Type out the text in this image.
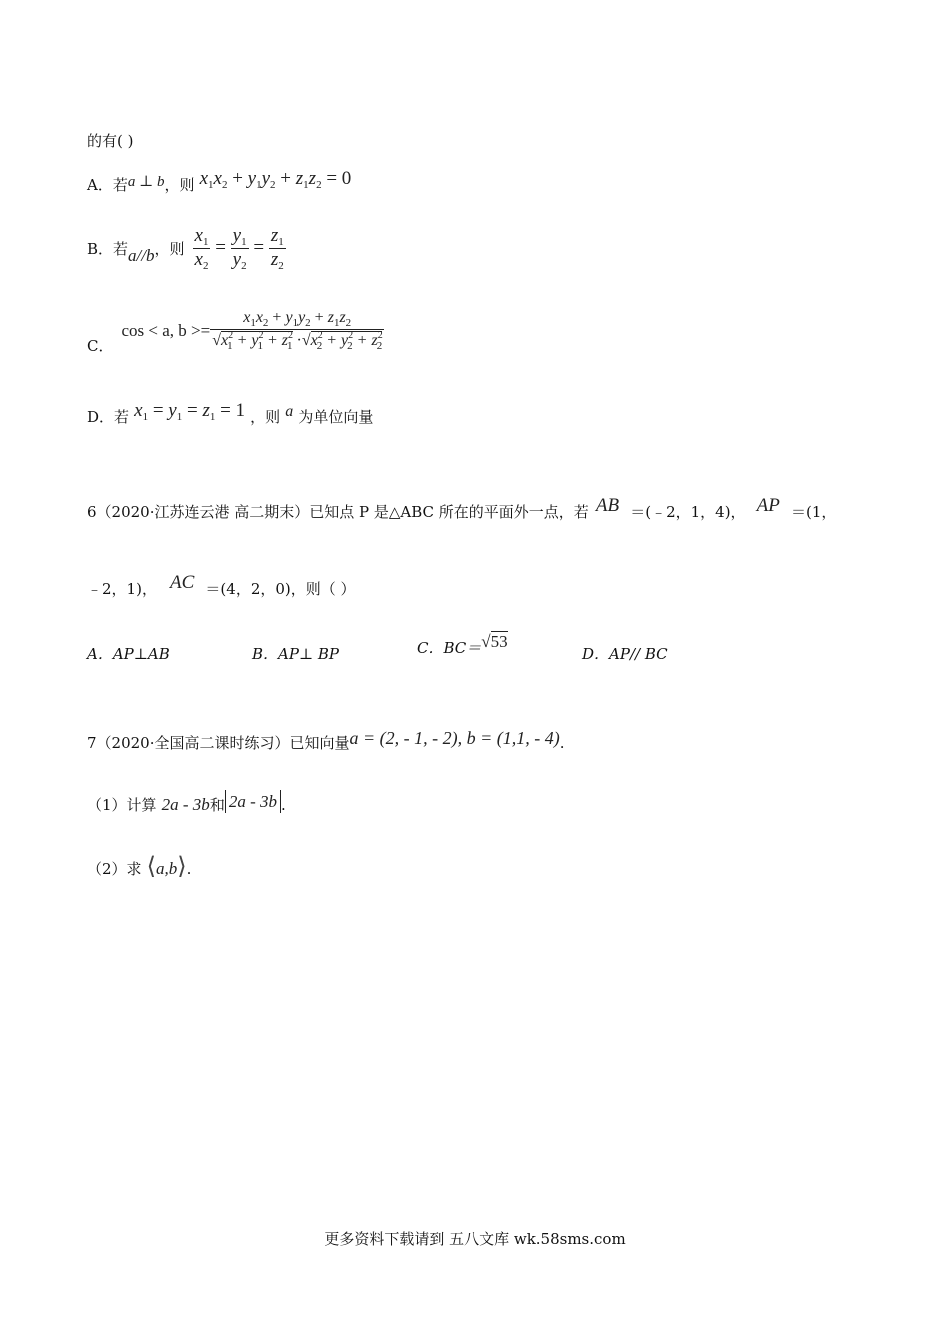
的有( )
A．若a ⊥ b，则 $x_1x_2 + y_1y_2 + z_1z_2 = 0$
B．若 a//b ，则 $\frac{x_1}{x_2} = \frac{y_1}{y_2} = \frac{z_1}{z_2}$
C．
cos < a, $b >= \frac{x_1x_2 + y_1y_2 + z_1z_2}{√x^2_1 + y^2_1 + z^2_1 \cdot√x^2_2 + y^2_2 + z^2_2}$
D．若 $x_1 = y_1 = z_1 = 1$ ，则 a 为单位向量
6（2020·江苏连云港 高二期末）已知点 P 是△ABC 所在的平面外一点，若 AB ＝(﹣2，1，4)， AP ＝(1，
﹣2，1)， AC ＝(4，2，0)，则（ ）
A．AP⊥AB	B．AP⊥ BP	C．BC＝√53
D．AP// BC
7（2020·全国高二课时练习）已知向量a = (2, - 1, - 2), b = (1,1, - 4).
（1）计算 2a - 3b和 2a - 3b .
（2）求 ⟨a,b⟩.
更多资料下载请到 五八文库 wk.58sms.com
